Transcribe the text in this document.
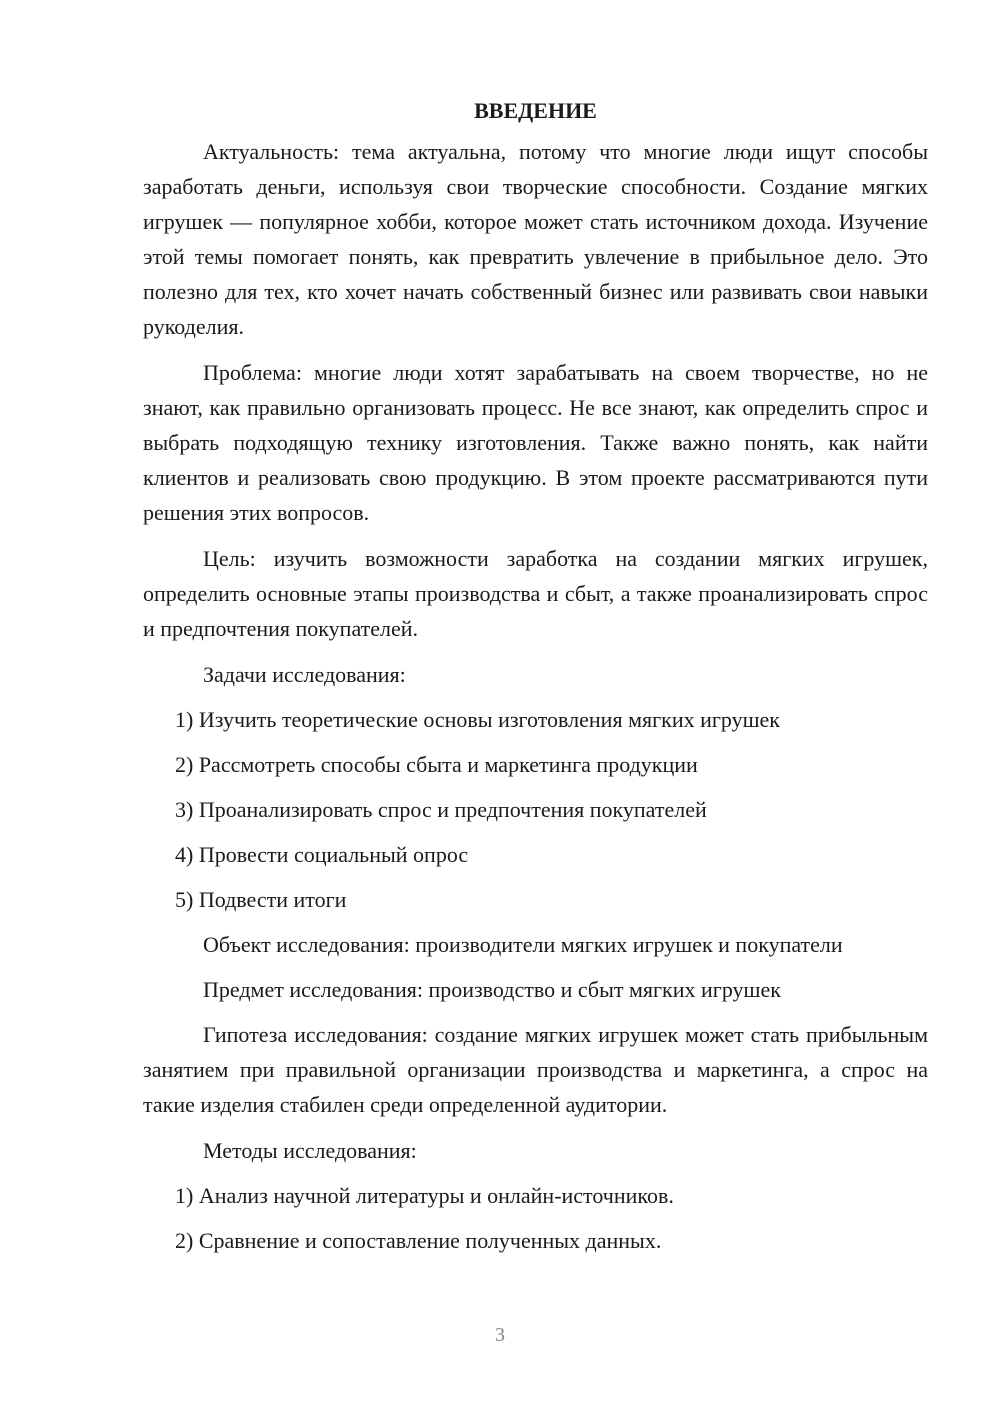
ВВЕДЕНИЕ

Актуальность: тема актуальна, потому что многие люди ищут способы заработать деньги, используя свои творческие способности. Создание мягких игрушек — популярное хобби, которое может стать источником дохода. Изучение этой темы помогает понять, как превратить увлечение в прибыльное дело. Это полезно для тех, кто хочет начать собственный бизнес или развивать свои навыки рукоделия.

Проблема: многие люди хотят зарабатывать на своем творчестве, но не знают, как правильно организовать процесс. Не все знают, как определить спрос и выбрать подходящую технику изготовления. Также важно понять, как найти клиентов и реализовать свою продукцию. В этом проекте рассматриваются пути решения этих вопросов.

Цель: изучить возможности заработка на создании мягких игрушек, определить основные этапы производства и сбыт, а также проанализировать спрос и предпочтения покупателей.

Задачи исследования:

1) Изучить теоретические основы изготовления мягких игрушек

2) Рассмотреть способы сбыта и маркетинга продукции

3) Проанализировать спрос и предпочтения покупателей

4) Провести социальный опрос

5) Подвести итоги

Объект исследования: производители мягких игрушек и покупатели

Предмет исследования: производство и сбыт мягких игрушек

Гипотеза исследования: создание мягких игрушек может стать прибыльным занятием при правильной организации производства и маркетинга, а спрос на такие изделия стабилен среди определенной аудитории.

Методы исследования:

1) Анализ научной литературы и онлайн-источников.

2) Сравнение и сопоставление полученных данных.

3
